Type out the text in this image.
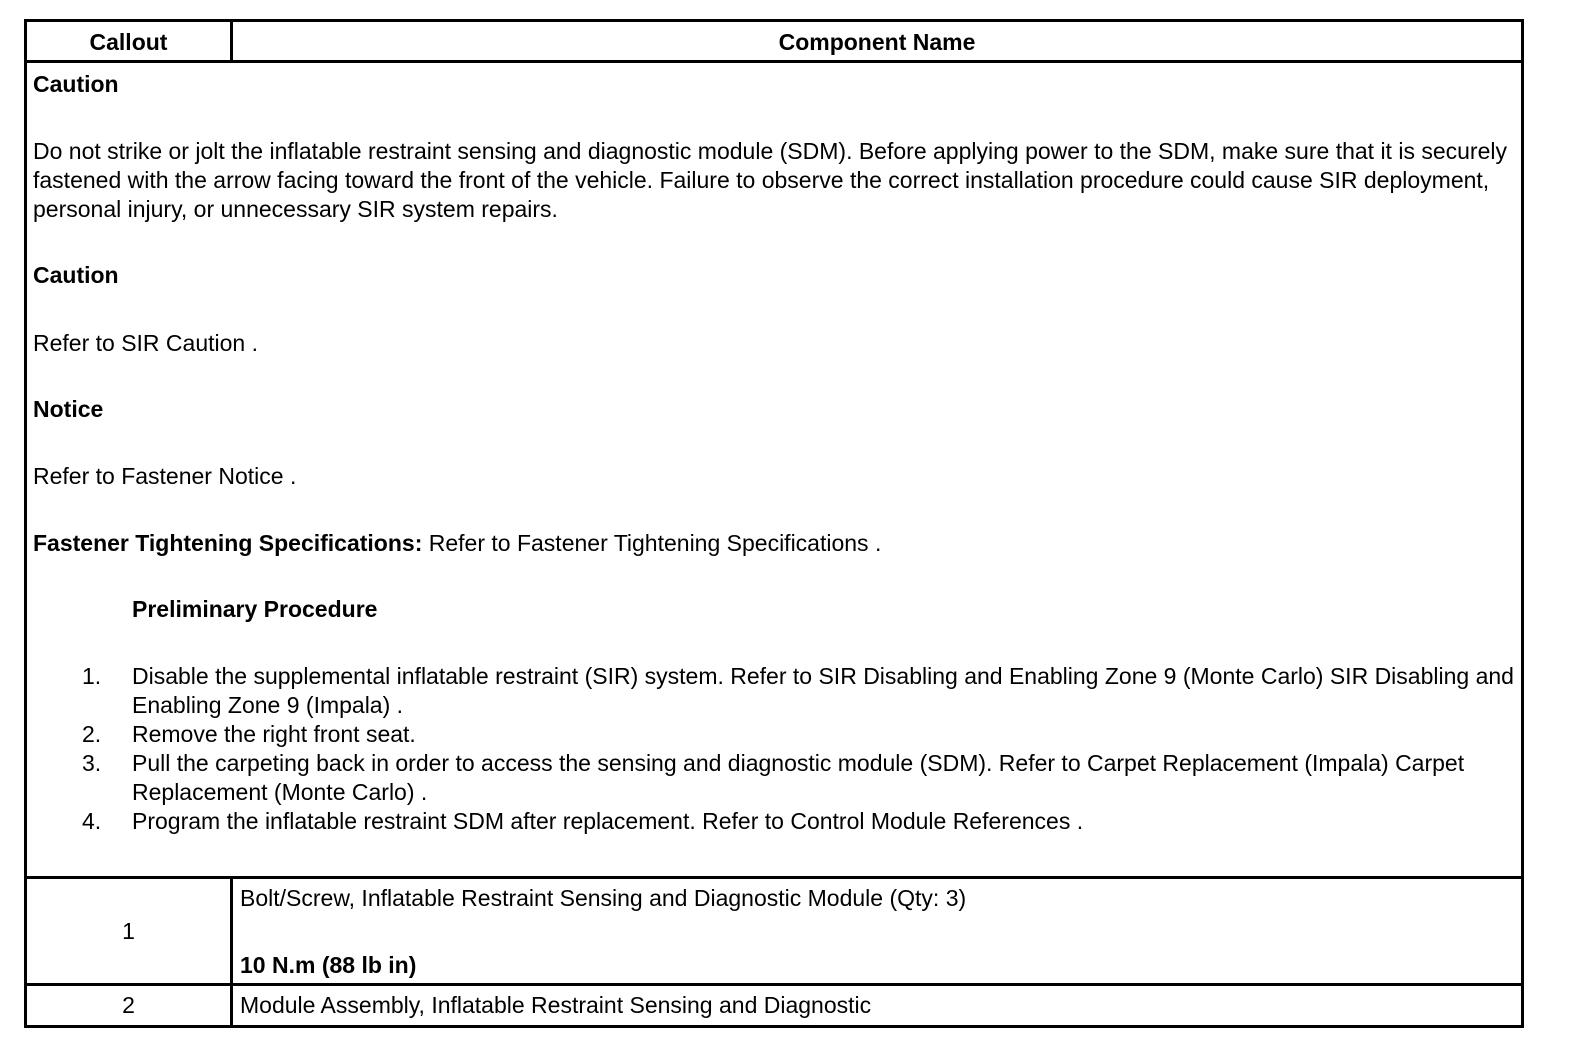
Callout	Component Name
Caution
Do not strike or jolt the inflatable restraint sensing and diagnostic module (SDM). Before applying power to the SDM, make sure that it is securely fastened with the arrow facing toward the front of the vehicle. Failure to observe the correct installation procedure could cause SIR deployment, personal injury, or unnecessary SIR system repairs.
Caution
Refer to SIR Caution .
Notice
Refer to Fastener Notice .
Fastener Tightening Specifications: Refer to Fastener Tightening Specifications .
Preliminary Procedure
1. Disable the supplemental inflatable restraint (SIR) system. Refer to SIR Disabling and Enabling Zone 9 (Monte Carlo) SIR Disabling and Enabling Zone 9 (Impala) .
2. Remove the right front seat.
3. Pull the carpeting back in order to access the sensing and diagnostic module (SDM). Refer to Carpet Replacement (Impala) Carpet Replacement (Monte Carlo) .
4. Program the inflatable restraint SDM after replacement. Refer to Control Module References .
1
Bolt/Screw, Inflatable Restraint Sensing and Diagnostic Module (Qty: 3)
10 N.m (88 lb in)
2	Module Assembly, Inflatable Restraint Sensing and Diagnostic
